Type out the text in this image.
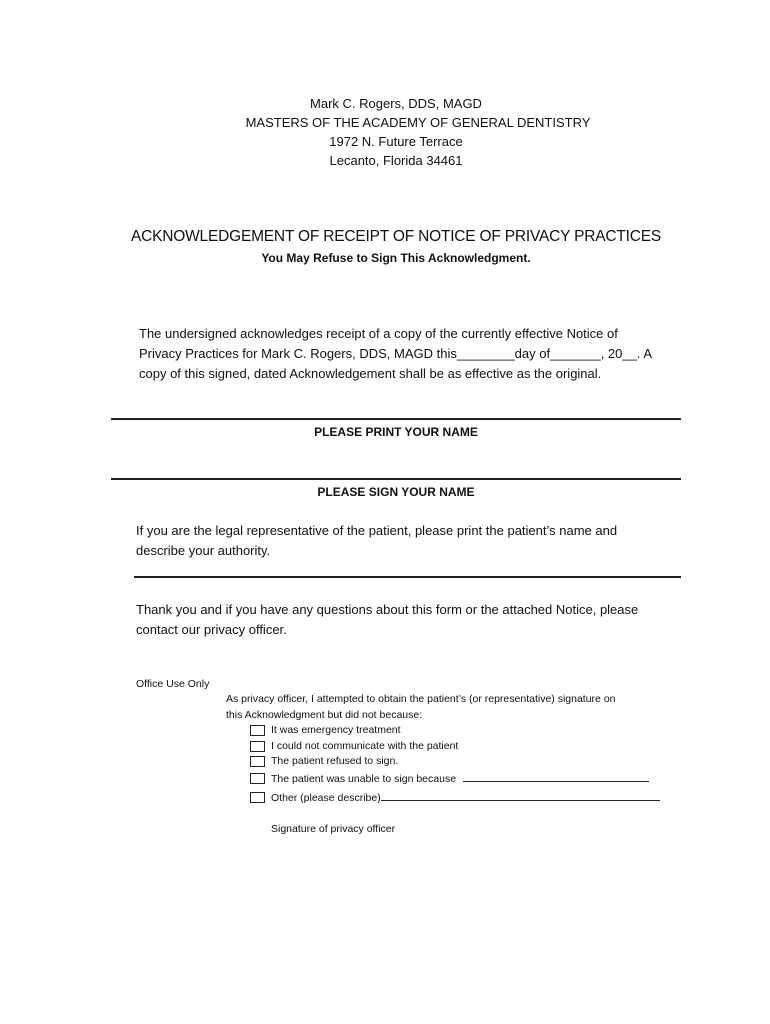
Mark C. Rogers, DDS, MAGD
MASTERS OF THE ACADEMY OF GENERAL DENTISTRY
1972 N. Future Terrace
Lecanto, Florida 34461
ACKNOWLEDGEMENT OF RECEIPT OF NOTICE OF PRIVACY PRACTICES
You May Refuse to Sign This Acknowledgment.
The undersigned acknowledges receipt of a copy of the currently effective Notice of
Privacy Practices for Mark C. Rogers, DDS, MAGD this________day of_______, 20__. A
copy of this signed, dated Acknowledgement shall be as effective as the original.
PLEASE PRINT YOUR NAME
PLEASE SIGN YOUR NAME
If you are the legal representative of the patient, please print the patient’s name and
describe your authority.
Thank you and if you have any questions about this form or the attached Notice, please
contact our privacy officer.
Office Use Only
As privacy officer, I attempted to obtain the patient’s (or representative) signature on
this Acknowledgment but did not because:
It was emergency treatment
I could not communicate with the patient
The patient refused to sign.
The patient was unable to sign because
Other (please describe)
Signature of privacy officer
